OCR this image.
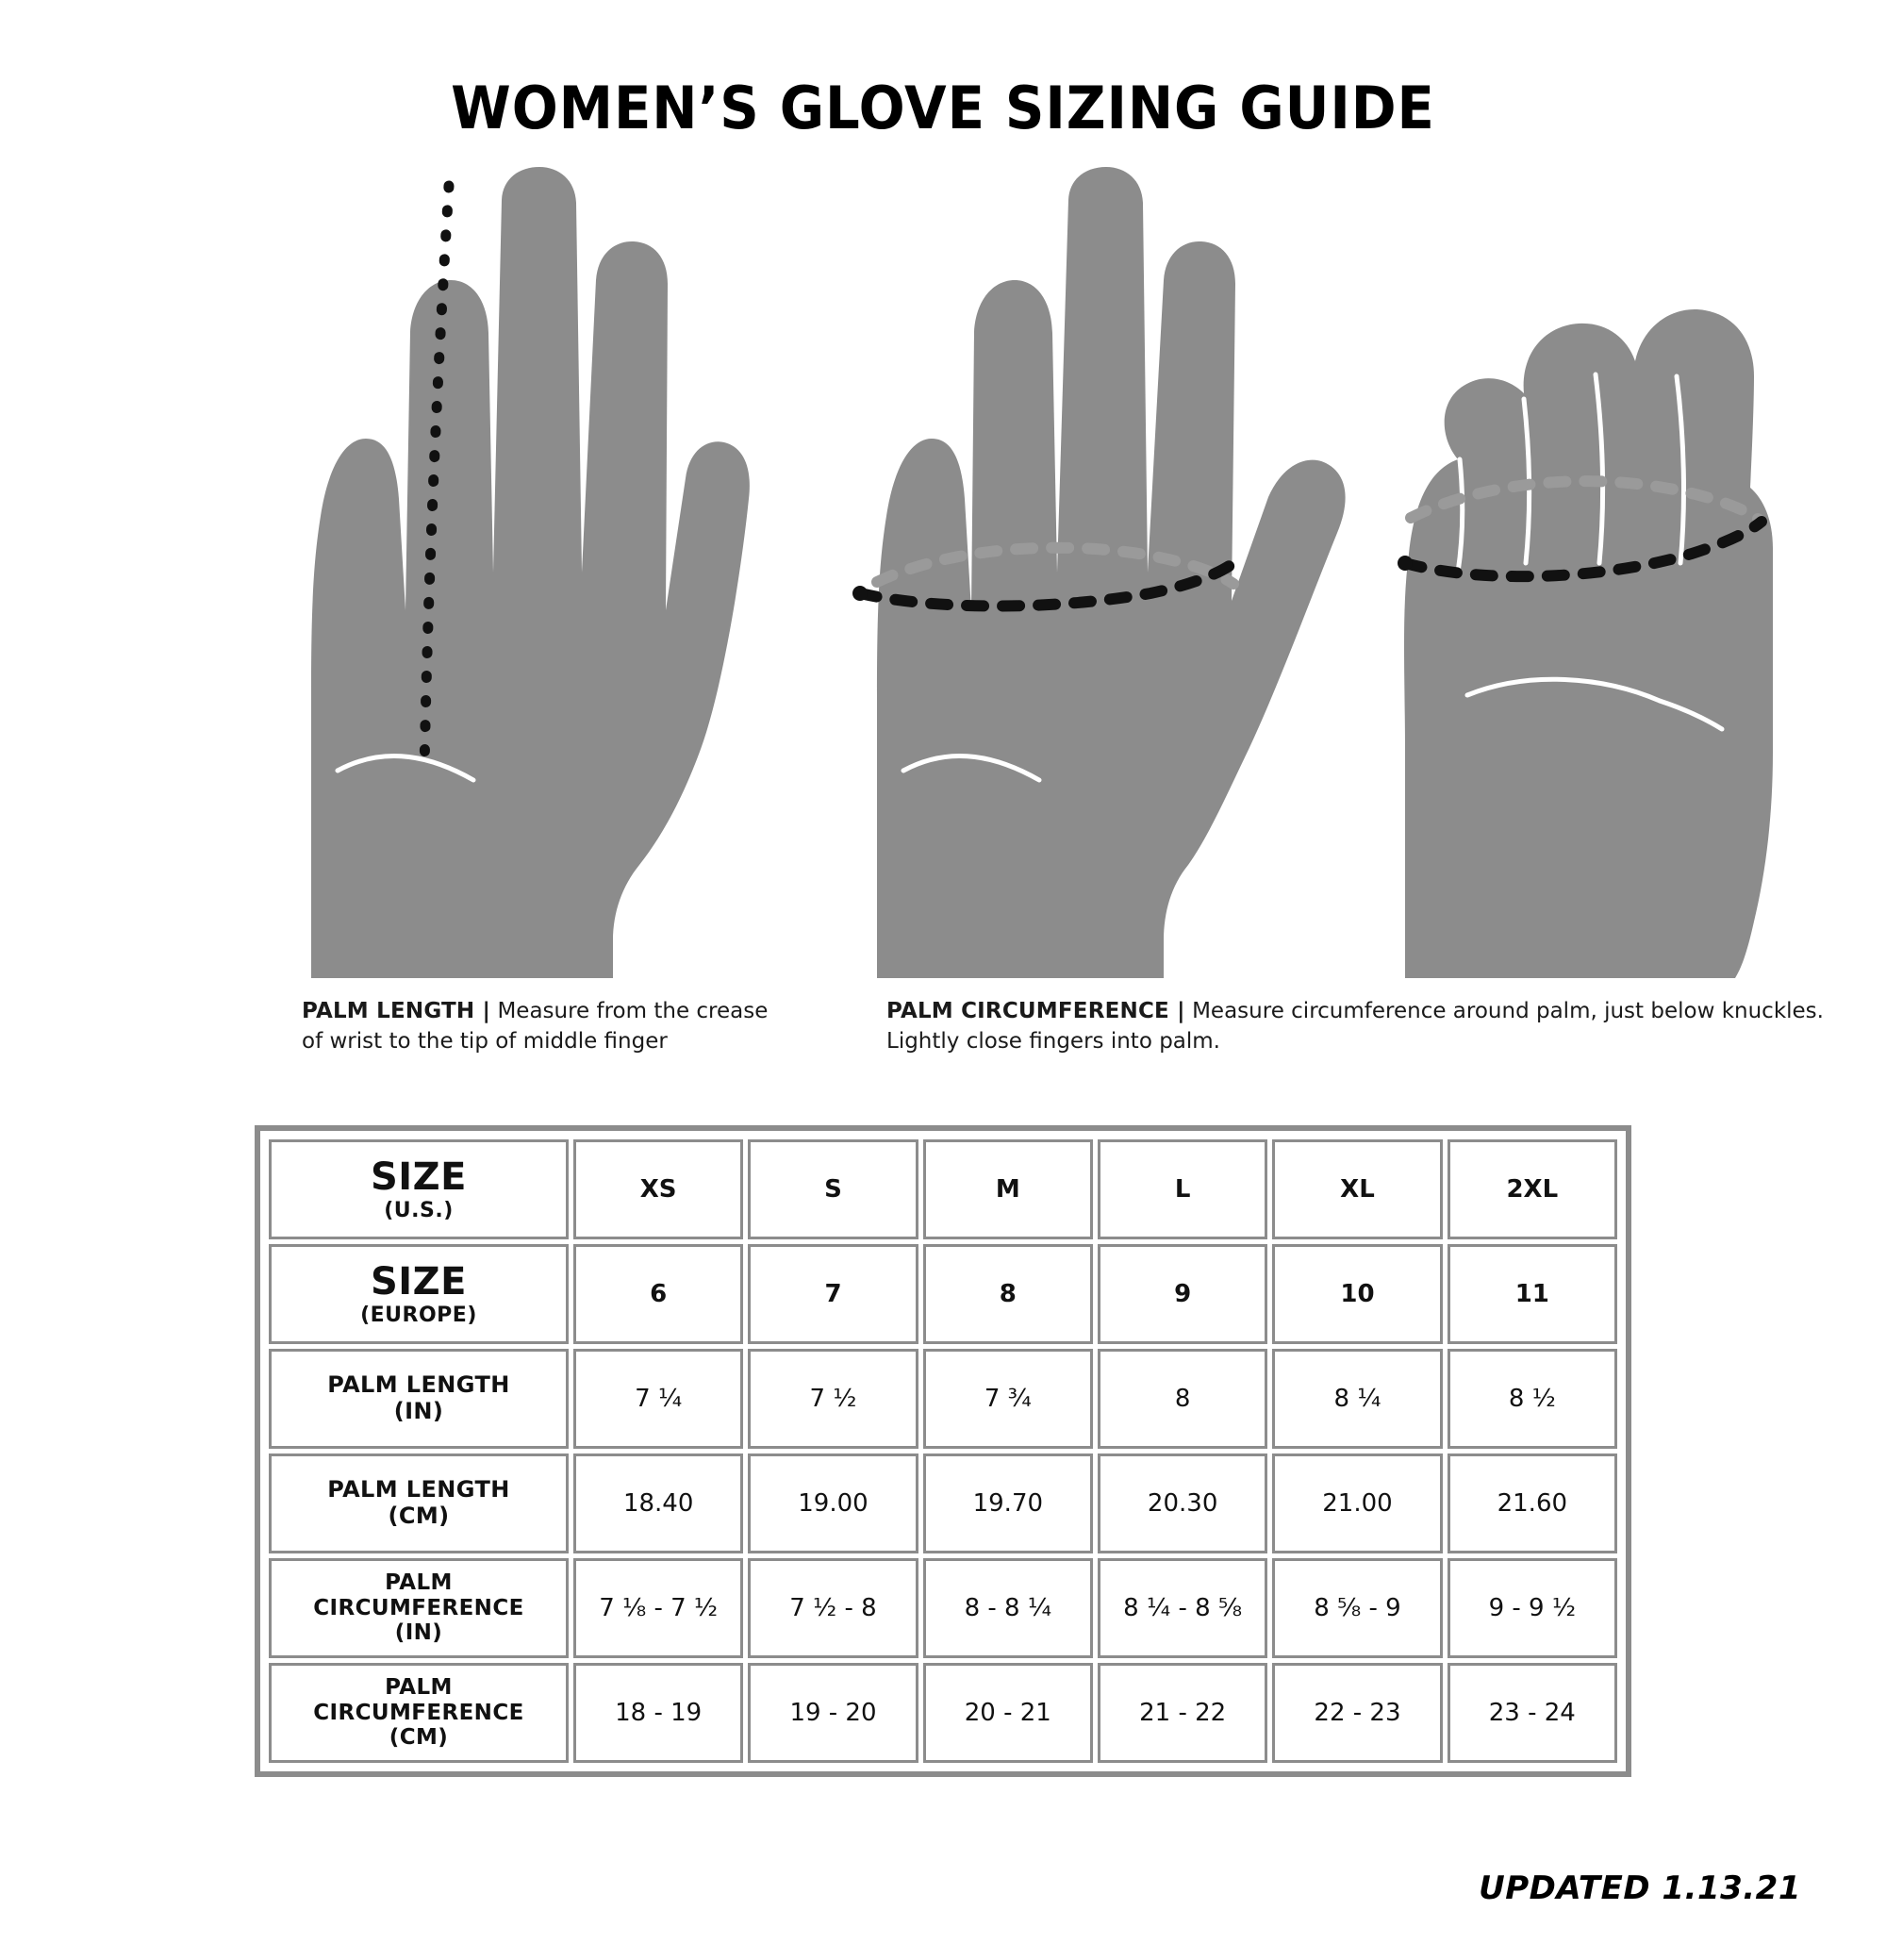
WOMEN’S GLOVE SIZING GUIDE
PALM LENGTH | Measure from the crease of wrist to the tip of middle finger
PALM CIRCUMFERENCE | Measure circumference around palm, just below knuckles. Lightly close fingers into palm.
SIZE
(U.S.)	XS	S	M	L	XL	2XL

SIZE
(EUROPE)	6	7	8	9	10	11

PALM LENGTH
(IN)	7 ¼	7 ½	7 ¾	8	8 ¼	8 ½

PALM LENGTH
(CM)	18.40	19.00	19.70	20.30	21.00	21.60

PALM CIRCUMFERENCE
(IN)	7 ⅛ - 7 ½	7 ½ - 8	8 - 8 ¼	8 ¼ - 8 ⅝	8 ⅝ - 9	9 - 9 ½

PALM CIRCUMFERENCE
(CM)	18 - 19	19 - 20	20 - 21	21 - 22	22 - 23	23 - 24
UPDATED 1.13.21
